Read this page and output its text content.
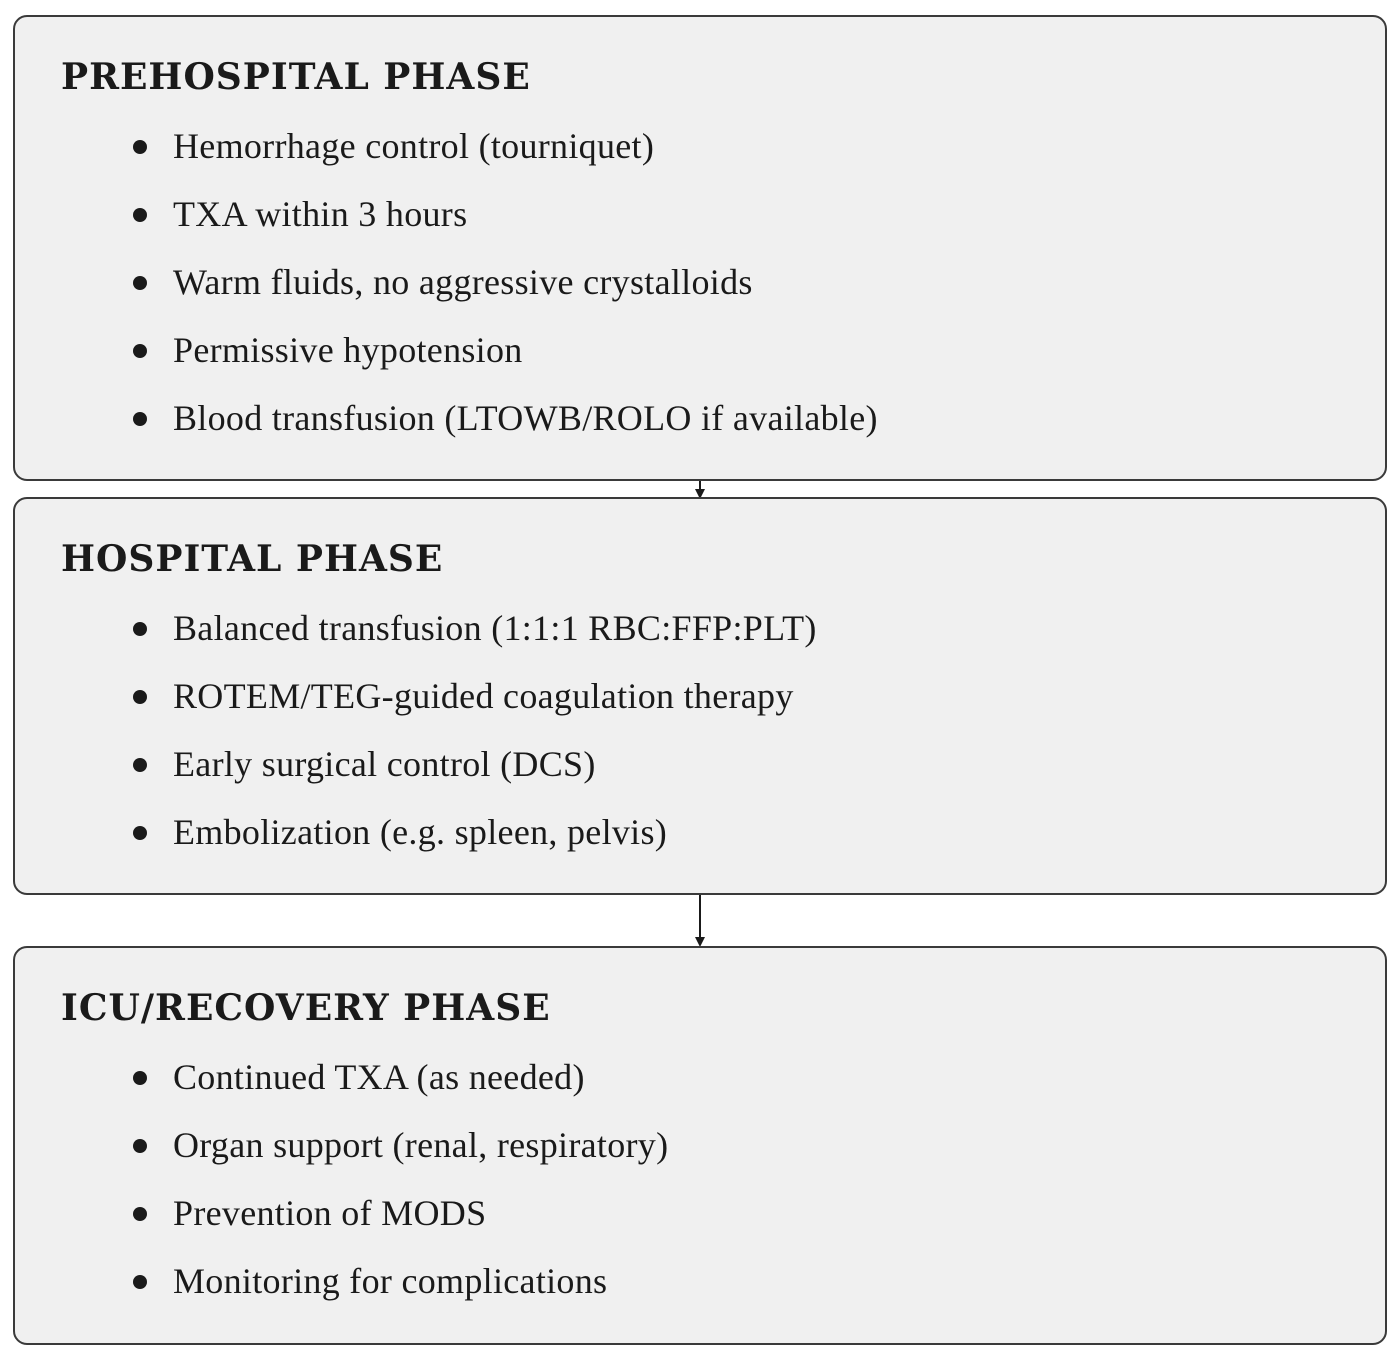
PREHOSPITAL PHASE
Hemorrhage control (tourniquet)
TXA within 3 hours
Warm fluids, no aggressive crystalloids
Permissive hypotension
Blood transfusion (LTOWB/ROLO if available)
HOSPITAL PHASE
Balanced transfusion (1:1:1 RBC:FFP:PLT)
ROTEM/TEG-guided coagulation therapy
Early surgical control (DCS)
Embolization (e.g. spleen, pelvis)
ICU/RECOVERY PHASE
Continued TXA (as needed)
Organ support (renal, respiratory)
Prevention of MODS
Monitoring for complications
